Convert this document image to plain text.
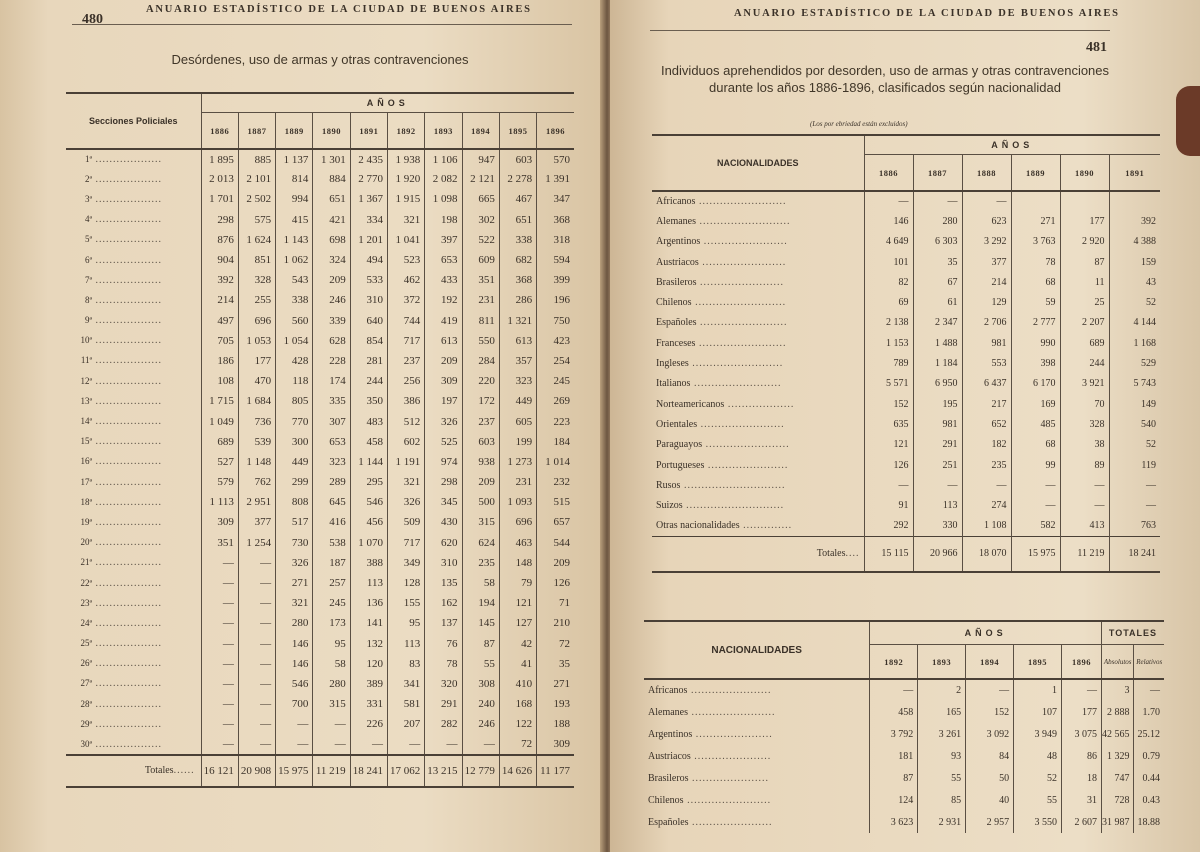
480
ANUARIO ESTADÍSTICO DE LA CIUDAD DE BUENOS AIRES
Desórdenes, uso de armas y otras contravenciones
Secciones Policiales	AÑOS									
	1886	1887	1889	1890	1891	1892	1893	1894	1895	1896
1ª ...................	1 895	885	1 137	1 301	2 435	1 938	1 106	947	603	570
2ª ...................	2 013	2 101	814	884	2 770	1 920	2 082	2 121	2 278	1 391
3ª ...................	1 701	2 502	994	651	1 367	1 915	1 098	665	467	347
4ª ...................	298	575	415	421	334	321	198	302	651	368
5ª ...................	876	1 624	1 143	698	1 201	1 041	397	522	338	318
6ª ...................	904	851	1 062	324	494	523	653	609	682	594
7ª ...................	392	328	543	209	533	462	433	351	368	399
8ª ...................	214	255	338	246	310	372	192	231	286	196
9ª ...................	497	696	560	339	640	744	419	811	1 321	750
10ª ...................	705	1 053	1 054	628	854	717	613	550	613	423
11ª ...................	186	177	428	228	281	237	209	284	357	254
12ª ...................	108	470	118	174	244	256	309	220	323	245
13ª ...................	1 715	1 684	805	335	350	386	197	172	449	269
14ª ...................	1 049	736	770	307	483	512	326	237	605	223
15ª ...................	689	539	300	653	458	602	525	603	199	184
16ª ...................	527	1 148	449	323	1 144	1 191	974	938	1 273	1 014
17ª ...................	579	762	299	289	295	321	298	209	231	232
18ª ...................	1 113	2 951	808	645	546	326	345	500	1 093	515
19ª ...................	309	377	517	416	456	509	430	315	696	657
20ª ...................	351	1 254	730	538	1 070	717	620	624	463	544
21ª ...................	—	—	326	187	388	349	310	235	148	209
22ª ...................	—	—	271	257	113	128	135	58	79	126
23ª ...................	—	—	321	245	136	155	162	194	121	71
24ª ...................	—	—	280	173	141	95	137	145	127	210
25ª ...................	—	—	146	95	132	113	76	87	42	72
26ª ...................	—	—	146	58	120	83	78	55	41	35
27ª ...................	—	—	546	280	389	341	320	308	410	271
28ª ...................	—	—	700	315	331	581	291	240	168	193
29ª ...................	—	—	—	—	226	207	282	246	122	188
30ª ...................	—	—	—	—	—	—	—	—	72	309
Totales......	16 121	20 908	15 975	11 219	18 241	17 062	13 215	12 779	14 626	11 177
ANUARIO ESTADÍSTICO DE LA CIUDAD DE BUENOS AIRES
481
Individuos aprehendidos por desorden, uso de armas y otras contravenciones
durante los años 1886-1896, clasificados según nacionalidad
(Los por ebriedad están excluidos)
NACIONALIDADES	AÑOS					
	1886	1887	1888	1889	1890	1891
Africanos .........................	—	—	—			
Alemanes ..........................	146	280	623	271	177	392
Argentinos ........................	4 649	6 303	3 292	3 763	2 920	4 388
Austriacos ........................	101	35	377	78	87	159
Brasileros ........................	82	67	214	68	11	43
Chilenos ..........................	69	61	129	59	25	52
Españoles .........................	2 138	2 347	2 706	2 777	2 207	4 144
Franceses .........................	1 153	1 488	981	990	689	1 168
Ingleses ..........................	789	1 184	553	398	244	529
Italianos .........................	5 571	6 950	6 437	6 170	3 921	5 743
Norteamericanos ...................	152	195	217	169	70	149
Orientales ........................	635	981	652	485	328	540
Paraguayos ........................	121	291	182	68	38	52
Portugueses .......................	126	251	235	99	89	119
Rusos .............................	—	—	—	—	—	—
Suizos ............................	91	113	274	—	—	—
Otras nacionalidades ..............	292	330	1 108	582	413	763
Totales....	15 115	20 966	18 070	15 975	11 219	18 241
NACIONALIDADES	AÑOS					TOTALES	
	1892	1893	1894	1895	1896	Absolutos	Relativos
Africanos .......................	—	2	—	1	—	3	—
Alemanes ........................	458	165	152	107	177	2 888	1.70
Argentinos ......................	3 792	3 261	3 092	3 949	3 075	42 565	25.12
Austriacos ......................	181	93	84	48	86	1 329	0.79
Brasileros ......................	87	55	50	52	18	747	0.44
Chilenos ........................	124	85	40	55	31	728	0.43
Españoles .......................	3 623	2 931	2 957	3 550	2 607	31 987	18.88
